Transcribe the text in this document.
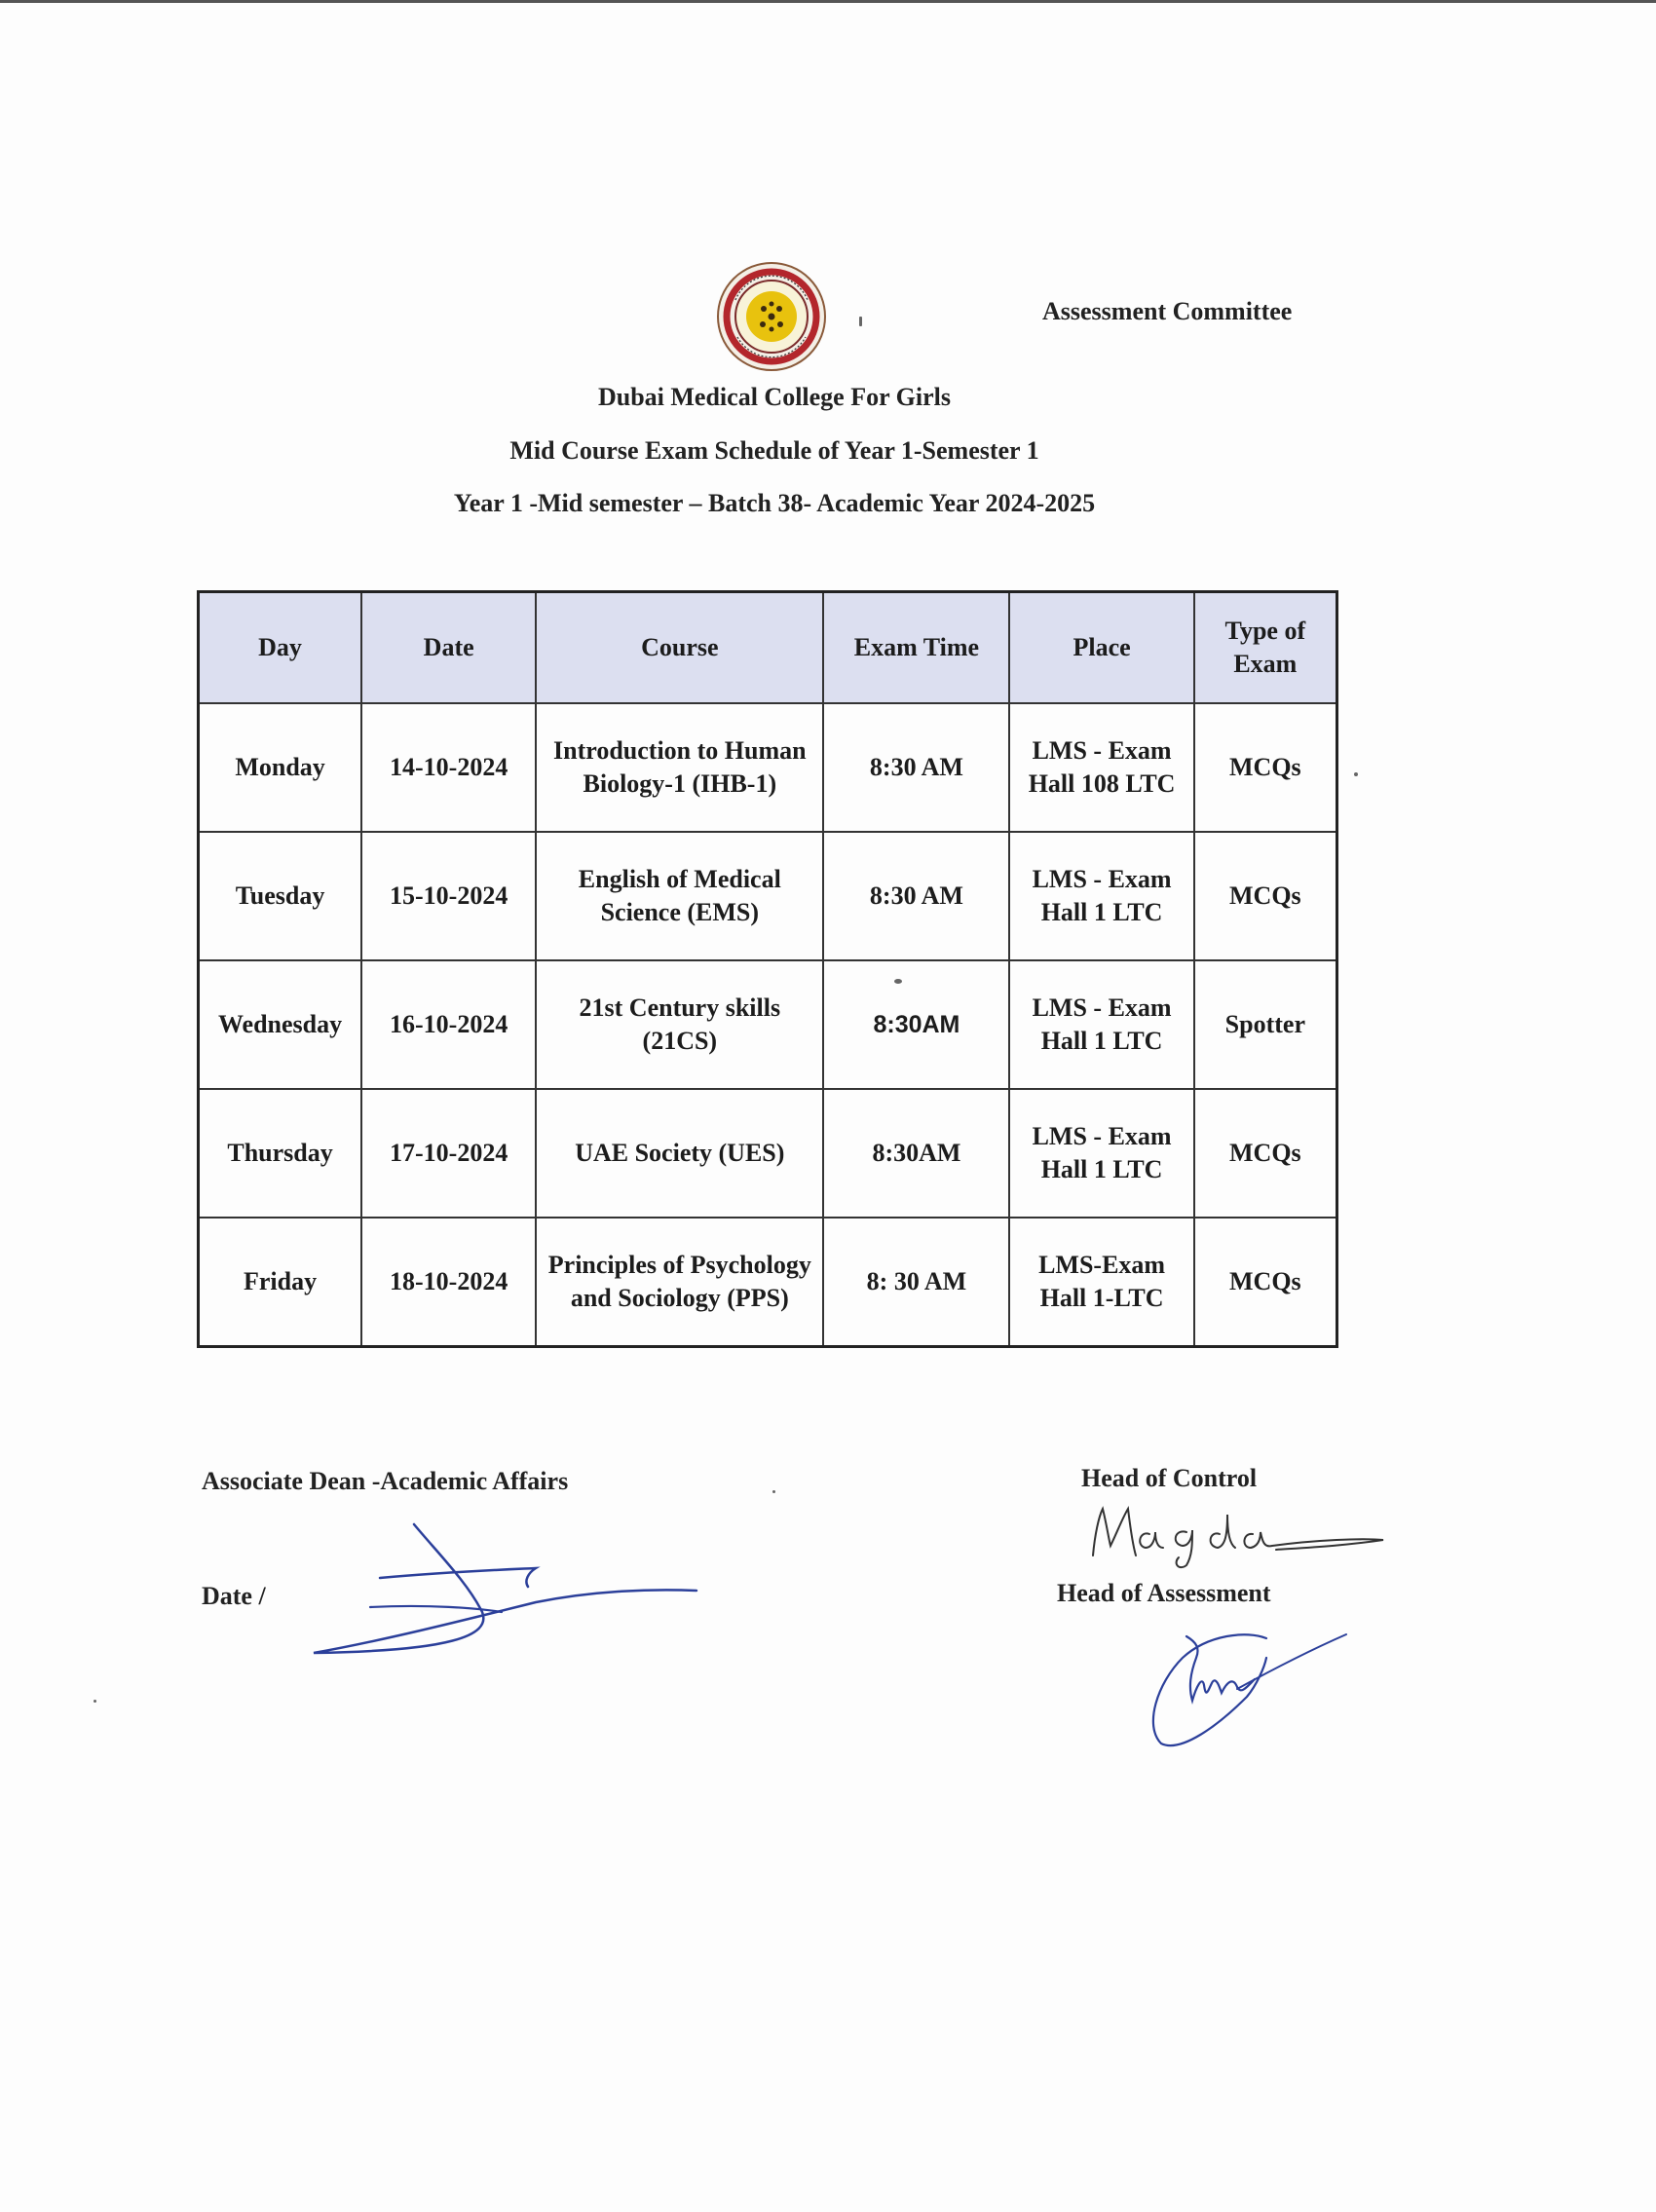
Assessment Committee
Dubai Medical College For Girls
Mid Course Exam Schedule of Year 1-Semester 1
Year 1 -Mid semester – Batch 38- Academic Year 2024-2025
Day	Date	Course	Exam Time	Place	Type of Exam
Monday	14-10-2024	Introduction to Human Biology-1 (IHB-1)	8:30 AM	LMS - Exam Hall 108 LTC	MCQs
Tuesday	15-10-2024	English of Medical Science (EMS)	8:30 AM	LMS - Exam Hall 1 LTC	MCQs
Wednesday	16-10-2024	21st Century skills (21CS)	8:30AM	LMS - Exam Hall 1 LTC	Spotter
Thursday	17-10-2024	UAE Society (UES)	8:30AM	LMS - Exam Hall 1 LTC	MCQs
Friday	18-10-2024	Principles of Psychology and Sociology (PPS)	8: 30 AM	LMS-Exam Hall 1-LTC	MCQs
Associate Dean -Academic Affairs
Date /
Head of Control
Head of Assessment
